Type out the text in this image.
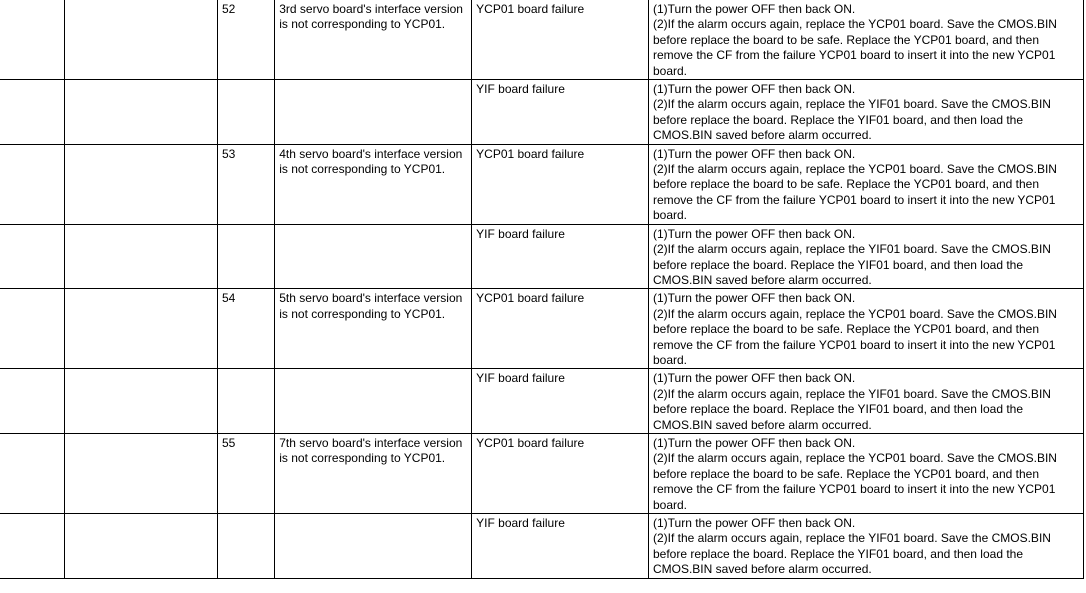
		52	3rd servo board's interface version
is not corresponding to YCP01.	YCP01 board failure	(1)Turn the power OFF then back ON.
(2)If the alarm occurs again, replace the YCP01 board. Save the CMOS.BIN
before replace the board to be safe. Replace the YCP01 board, and then
remove the CF from the failure YCP01 board to insert it into the new YCP01
board.

				YIF board failure	(1)Turn the power OFF then back ON.
(2)If the alarm occurs again, replace the YIF01 board. Save the CMOS.BIN
before replace the board. Replace the YIF01 board, and then load the
CMOS.BIN saved before alarm occurred.

		53	4th servo board's interface version
is not corresponding to YCP01.	YCP01 board failure	(1)Turn the power OFF then back ON.
(2)If the alarm occurs again, replace the YCP01 board. Save the CMOS.BIN
before replace the board to be safe. Replace the YCP01 board, and then
remove the CF from the failure YCP01 board to insert it into the new YCP01
board.

				YIF board failure	(1)Turn the power OFF then back ON.
(2)If the alarm occurs again, replace the YIF01 board. Save the CMOS.BIN
before replace the board. Replace the YIF01 board, and then load the
CMOS.BIN saved before alarm occurred.

		54	5th servo board's interface version
is not corresponding to YCP01.	YCP01 board failure	(1)Turn the power OFF then back ON.
(2)If the alarm occurs again, replace the YCP01 board. Save the CMOS.BIN
before replace the board to be safe. Replace the YCP01 board, and then
remove the CF from the failure YCP01 board to insert it into the new YCP01
board.

				YIF board failure	(1)Turn the power OFF then back ON.
(2)If the alarm occurs again, replace the YIF01 board. Save the CMOS.BIN
before replace the board. Replace the YIF01 board, and then load the
CMOS.BIN saved before alarm occurred.

		55	7th servo board's interface version
is not corresponding to YCP01.	YCP01 board failure	(1)Turn the power OFF then back ON.
(2)If the alarm occurs again, replace the YCP01 board. Save the CMOS.BIN
before replace the board to be safe. Replace the YCP01 board, and then
remove the CF from the failure YCP01 board to insert it into the new YCP01
board.

				YIF board failure	(1)Turn the power OFF then back ON.
(2)If the alarm occurs again, replace the YIF01 board. Save the CMOS.BIN
before replace the board. Replace the YIF01 board, and then load the
CMOS.BIN saved before alarm occurred.
